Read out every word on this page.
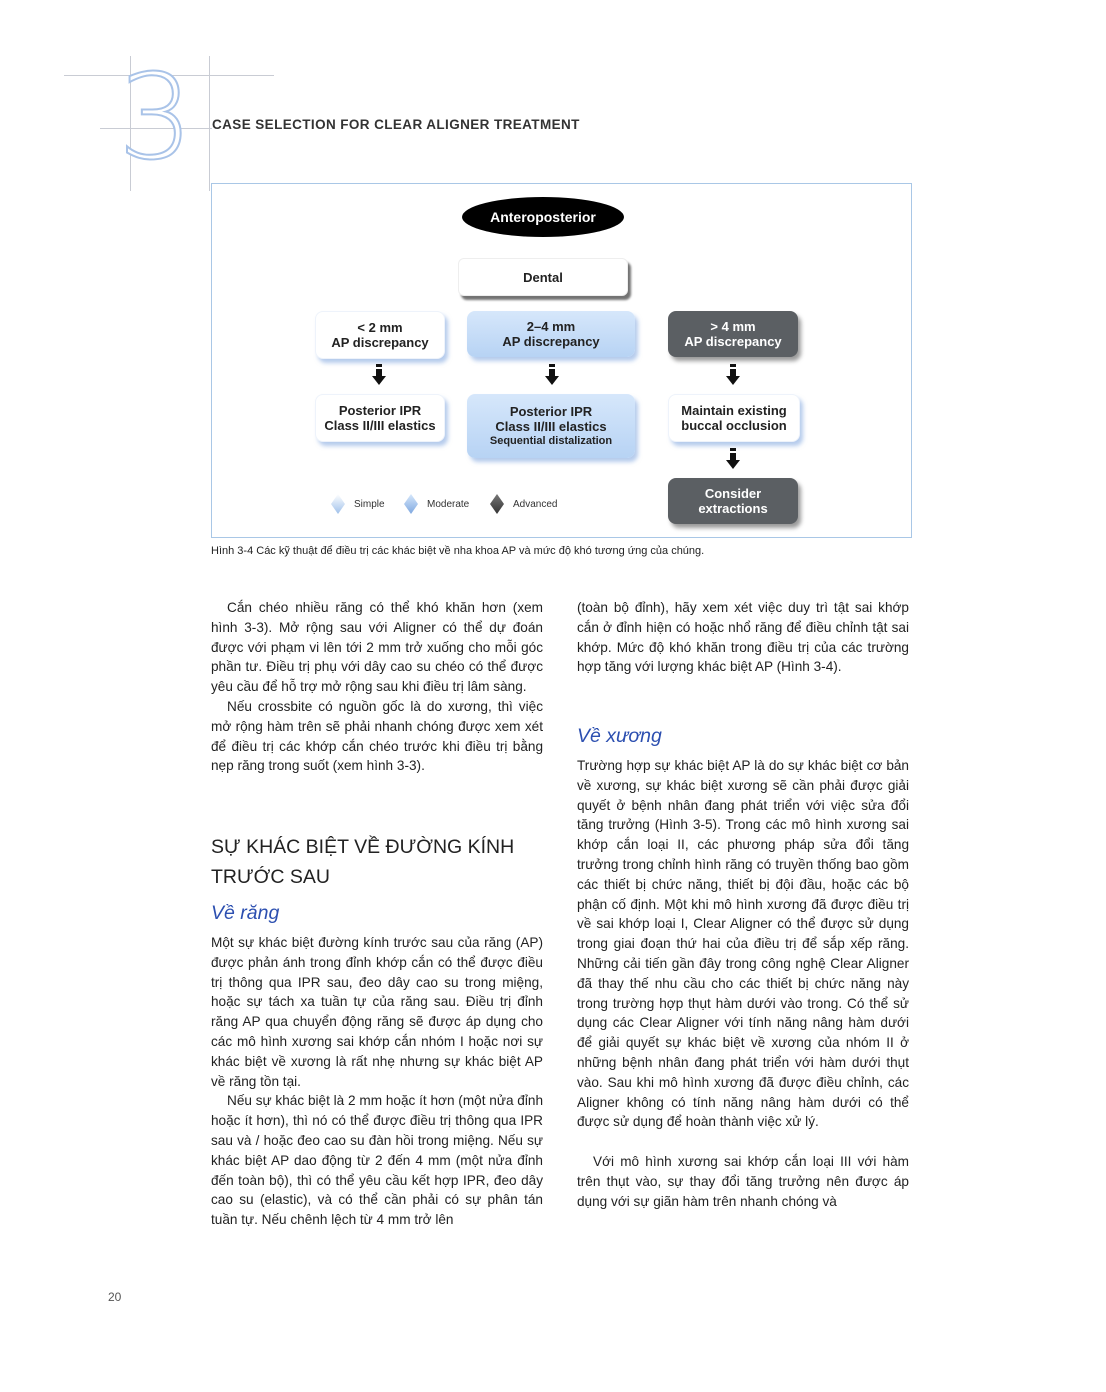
3 CASE SELECTION FOR CLEAR ALIGNER TREATMENT
Anteroposterior
Dental
< 2 mm
AP discrepancy
Posterior IPR
Class II/III elastics
2–4 mm
AP discrepancy
Posterior IPR
Class II/III elastics
Sequential distalization
> 4 mm
AP discrepancy
Maintain existing
buccal occlusion
Consider
extractions
Simple	Moderate	Advanced
Hình 3-4 Các kỹ thuật để điều trị các khác biệt về nha khoa AP và mức độ khó tương ứng của chúng.

Cắn chéo nhiều răng có thể khó khăn hơn (xem hình 3-3). Mở rộng sau với Aligner có thể dự đoán được với phạm vi lên tới 2 mm trở xuống cho mỗi góc phần tư. Điều trị phụ với dây cao su chéo có thể được yêu cầu để hỗ trợ mở rộng sau khi điều trị lâm sàng.

Nếu crossbite có nguồn gốc là do xương, thì việc mở rộng hàm trên sẽ phải nhanh chóng được xem xét để điều trị các khớp cắn chéo trước khi điều trị bằng nẹp răng trong suốt (xem hình 3-3).

SỰ KHÁC BIỆT VỀ ĐƯỜNG KÍNH TRƯỚC SAU
Về răng

Một sự khác biệt đường kính trước sau của răng (AP) được phản ánh trong đỉnh khớp cắn có thể được điều trị thông qua IPR sau, đeo dây cao su trong miệng, hoặc sự tách xa tuần tự của răng sau. Điều trị đỉnh răng AP qua chuyển động răng sẽ được áp dụng cho các mô hình xương sai khớp cắn nhóm I hoặc nơi sự khác biệt về xương là rất nhẹ nhưng sự khác biệt AP về răng tồn tại.

Nếu sự khác biệt là 2 mm hoặc ít hơn (một nửa đỉnh hoặc ít hơn), thì nó có thể được điều trị thông qua IPR sau và / hoặc đeo cao su đàn hồi trong miệng. Nếu sự khác biệt AP dao động từ 2 đến 4 mm (một nửa đỉnh đến toàn bộ), thì có thể yêu cầu kết hợp IPR, đeo dây cao su (elastic), và có thể cần phải có sự phân tán tuần tự. Nếu chênh lệch từ 4 mm trở lên

(toàn bộ đỉnh), hãy xem xét việc duy trì tật sai khớp cắn ở đỉnh hiện có hoặc nhổ răng để điều chỉnh tật sai khớp. Mức độ khó khăn trong điều trị của các trường hợp tăng với lượng khác biệt AP (Hình 3-4).

Về xương

Trường hợp sự khác biệt AP là do sự khác biệt cơ bản về xương, sự khác biệt xương sẽ cần phải được giải quyết ở bệnh nhân đang phát triển với việc sửa đổi tăng trưởng (Hình 3-5). Trong các mô hình xương sai khớp cắn loại II, các phương pháp sửa đổi tăng trưởng trong chỉnh hình răng có truyền thống bao gồm các thiết bị chức năng, thiết bị đội đầu, hoặc các bộ phận cố định. Một khi mô hình xương đã được điều trị về sai khớp loại I, Clear Aligner có thể được sử dụng trong giai đoạn thứ hai của điều trị để sắp xếp răng. Những cải tiến gần đây trong công nghệ Clear Aligner đã thay thế nhu cầu cho các thiết bị chức năng này trong trường hợp thụt hàm dưới vào trong. Có thể sử dụng các Clear Aligner với tính năng nâng hàm dưới để giải quyết sự khác biệt về xương của nhóm II ở những bệnh nhân đang phát triển với hàm dưới thụt vào. Sau khi mô hình xương đã được điều chỉnh, các Aligner không có tính năng nâng hàm dưới có thể được sử dụng để hoàn thành việc xử lý.

Với mô hình xương sai khớp cắn loại III với hàm trên thụt vào, sự thay đổi tăng trưởng nên được áp dụng với sự giãn hàm trên nhanh chóng và

20
